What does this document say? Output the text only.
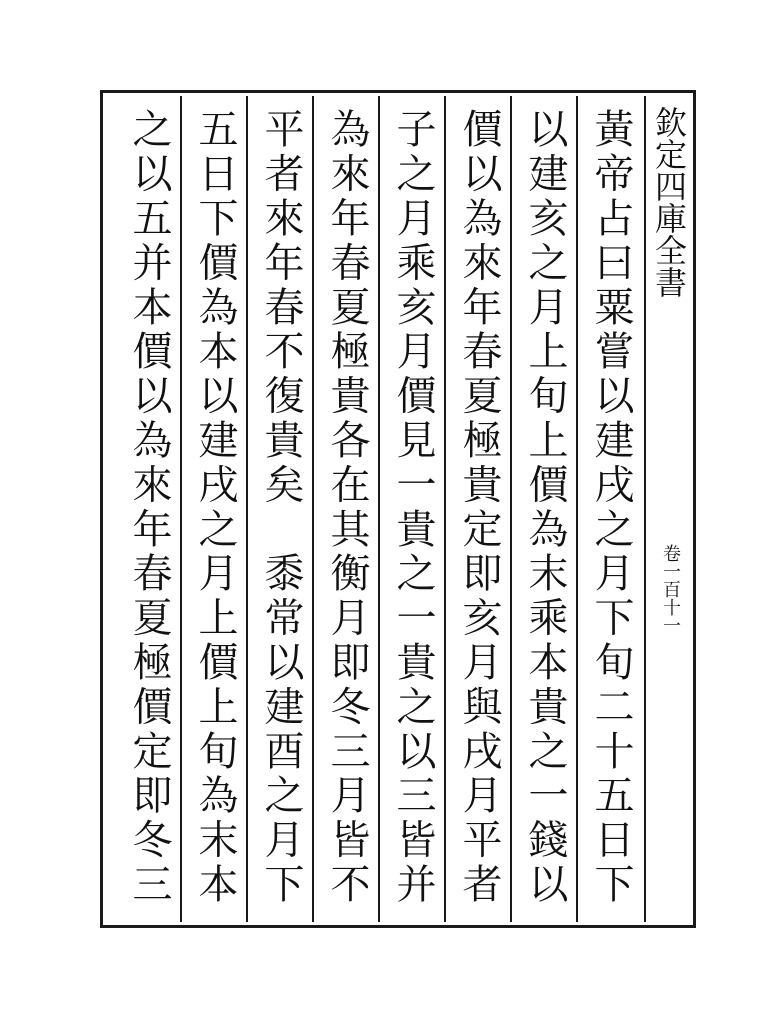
欽定四庫全書
卷一百十一
黃帝占曰粟嘗以建戌之月下旬二十五日下
以建亥之月上旬上價為末乘本貴之一錢以
價以為來年春夏極貴定即亥月與戌月平者
子之月乘亥月價見一貴之一貴之以三皆并
為來年春夏極貴各在其衡月即冬三月皆不
平者來年春不復貴矣　黍常以建酉之月下
五日下價為本以建戌之月上價上旬為末本
之以五并本價以為來年春夏極價定即冬三
